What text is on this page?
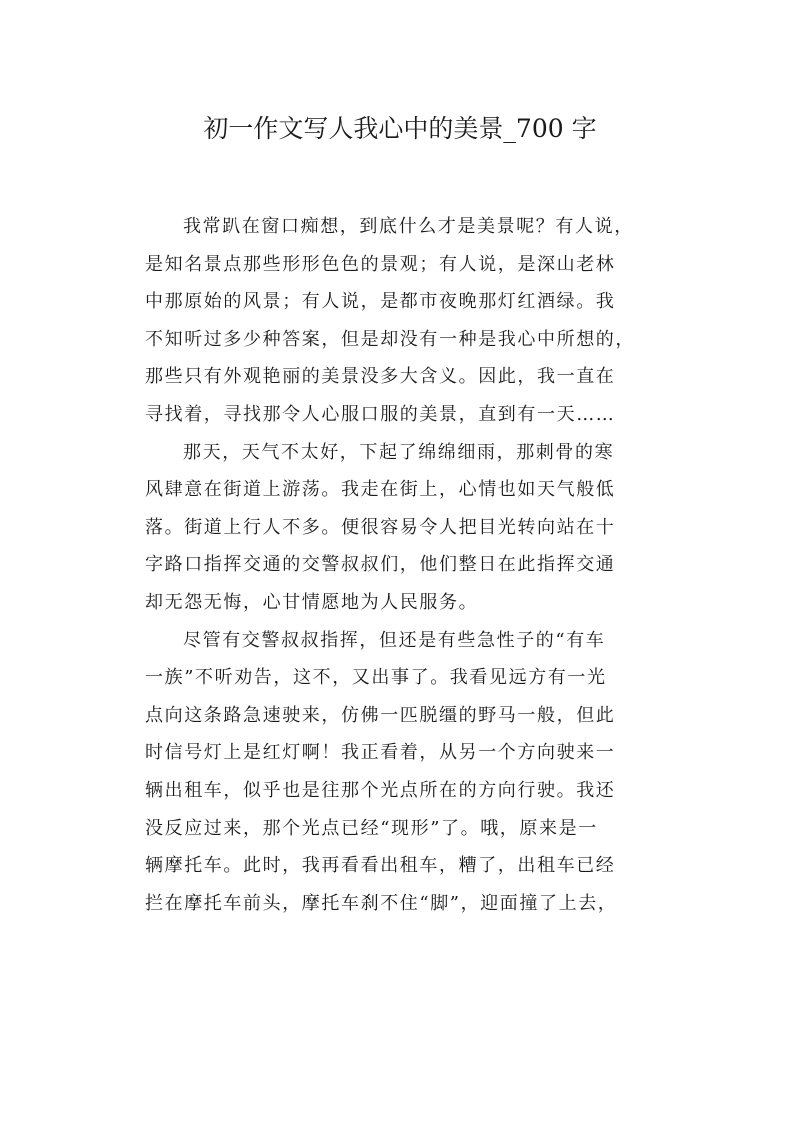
初一作文写人我心中的美景_700 字
我常趴在窗口痴想，到底什么才是美景呢？有人说，
是知名景点那些形形色色的景观；有人说，是深山老林
中那原始的风景；有人说，是都市夜晚那灯红酒绿。我
不知听过多少种答案，但是却没有一种是我心中所想的，
那些只有外观艳丽的美景没多大含义。因此，我一直在
寻找着，寻找那令人心服口服的美景，直到有一天……
那天，天气不太好，下起了绵绵细雨，那刺骨的寒
风肆意在街道上游荡。我走在街上，心情也如天气般低
落。街道上行人不多。便很容易令人把目光转向站在十
字路口指挥交通的交警叔叔们，他们整日在此指挥交通
却无怨无悔，心甘情愿地为人民服务。
尽管有交警叔叔指挥，但还是有些急性子的“有车
一族”不听劝告，这不，又出事了。我看见远方有一光
点向这条路急速驶来，仿佛一匹脱缰的野马一般，但此
时信号灯上是红灯啊！我正看着，从另一个方向驶来一
辆出租车，似乎也是往那个光点所在的方向行驶。我还
没反应过来，那个光点已经“现形”了。哦，原来是一
辆摩托车。此时，我再看看出租车，糟了，出租车已经
拦在摩托车前头，摩托车刹不住“脚”，迎面撞了上去，
